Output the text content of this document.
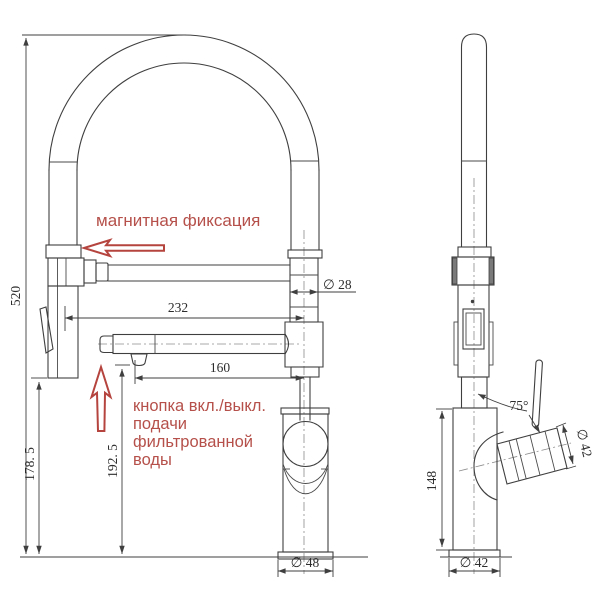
520
178. 5	192. 5
232
160
∅ 28
∅ 48
148
75°
∅ 42
∅ 42
магнитная фиксация
кнопка вкл./выкл.
подачи
фильтрованной
воды
